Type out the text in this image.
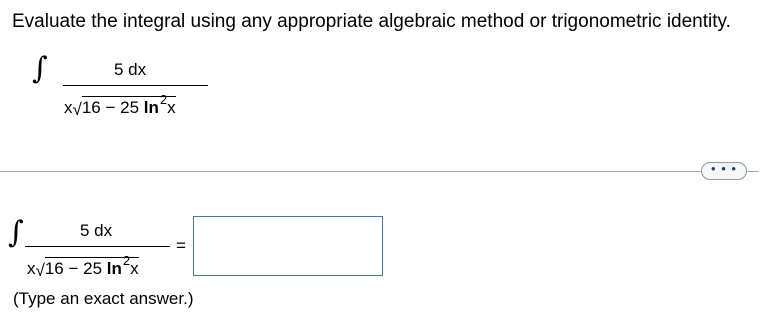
Evaluate the integral using any appropriate algebraic method or trigonometric identity.
∫	5 dx
x√16 − 25 $\ln^2x$
• • •
∫	5 dx
x√16 − 25 $\ln^2x$
=
(Type an exact answer.)
